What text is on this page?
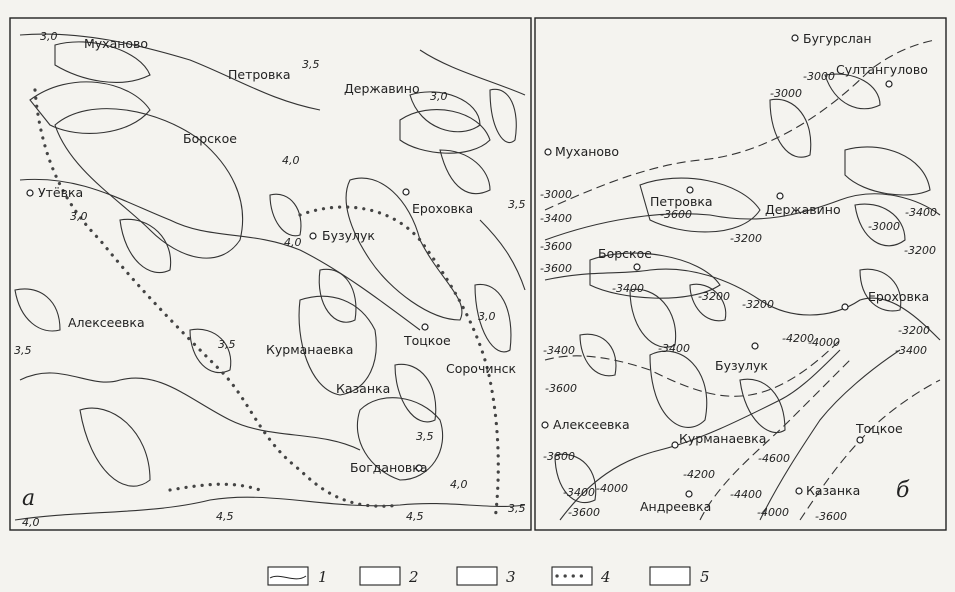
Муханово
Петровка
Державино
Борское
Утёвка
Ероховка
Бузулук
Алексеевка
Курманаевка
Тоцкое
Сорочинск
Казанка
Богдановка
3,0
3,0
3,0
3,0
3,5
3,5
3,5	3,5
3,5
3,5
4,0
4,0
4,0
4,0	4,5	4,5
а
Бугурслан
Султангулово
Муханово
Петровка
Державино
Борское
Ероховка
Бузулук
Алексеевка
Курманаевка
Тоцкое
Андреевка
Казанка
-3000
-3000
-3000
-3000
-3200
-3200
-3200
-3200
-3200
-3400
-3400
-3400	-3400
-3400
-3400
-3400
-3600
-3600
-3600
-3600
-3600	-3600
-3800
-4000
-4000
-4000
-4200
-4200
-4400
-4600
б
1	2	3	4	5
